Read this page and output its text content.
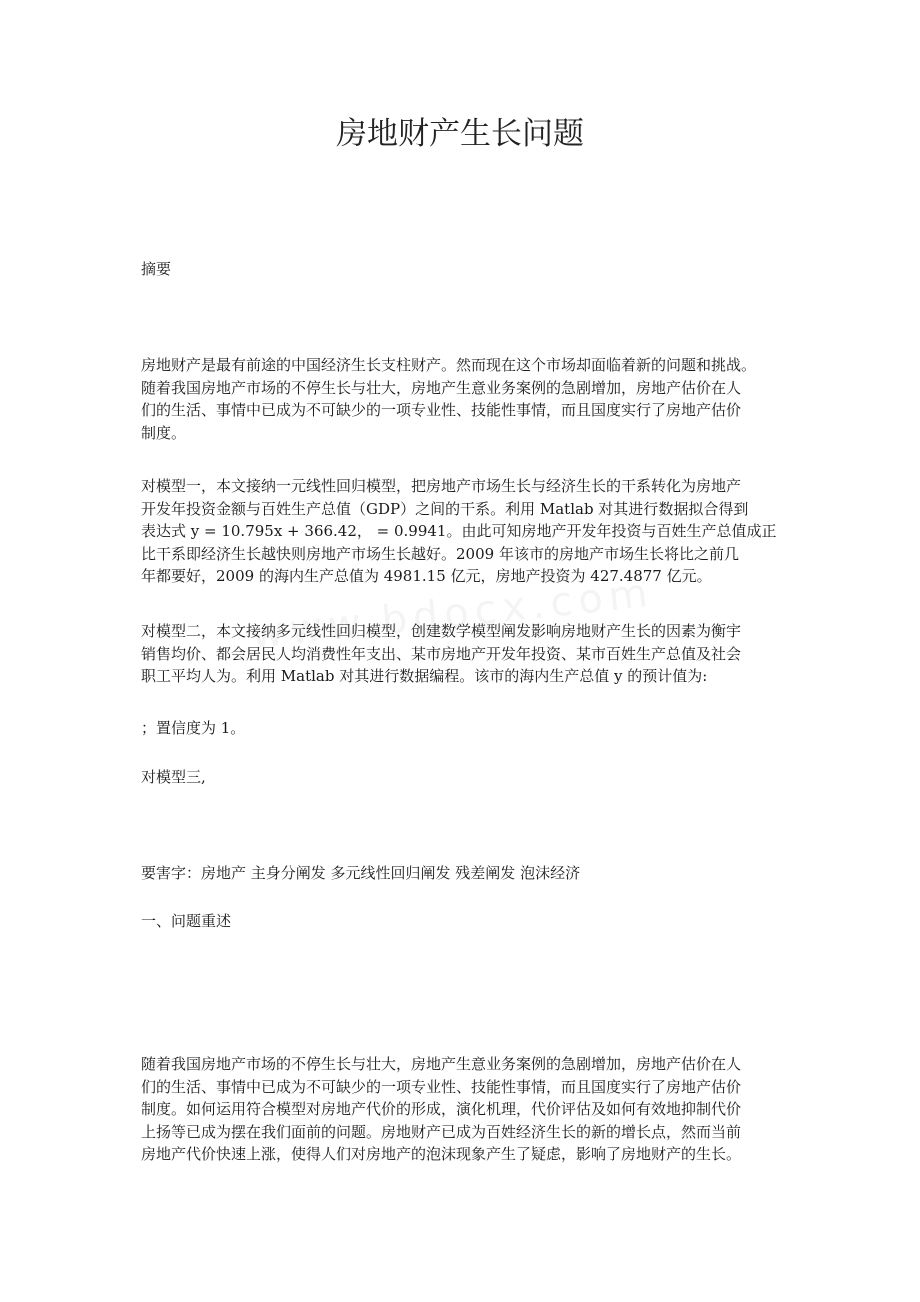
房地财产生长问题
摘要
房地财产是最有前途的中国经济生长支柱财产。然而现在这个市场却面临着新的问题和挑战。
随着我国房地产市场的不停生长与壮大，房地产生意业务案例的急剧增加，房地产估价在人
们的生活、事情中已成为不可缺少的一项专业性、技能性事情，而且国度实行了房地产估价
制度。
对模型一，本文接纳一元线性回归模型，把房地产市场生长与经济生长的干系转化为房地产
开发年投资金额与百姓生产总值（GDP）之间的干系。利用 Matlab 对其进行数据拟合得到
表达式 y = 10.795x + 366.42， = 0.9941。由此可知房地产开发年投资与百姓生产总值成正
比干系即经济生长越快则房地产市场生长越好。2009 年该市的房地产市场生长将比之前几
年都要好，2009 的海内生产总值为 4981.15 亿元，房地产投资为 427.4877 亿元。
对模型二，本文接纳多元线性回归模型，创建数学模型阐发影响房地财产生长的因素为衡宇
销售均价、都会居民人均消费性年支出、某市房地产开发年投资、某市百姓生产总值及社会
职工平均人为。利用 Matlab 对其进行数据编程。该市的海内生产总值 y 的预计值为:
；置信度为 1。
对模型三,
要害字：房地产 主身分阐发 多元线性回归阐发 残差阐发 泡沫经济
一、问题重述
随着我国房地产市场的不停生长与壮大，房地产生意业务案例的急剧增加，房地产估价在人
们的生活、事情中已成为不可缺少的一项专业性、技能性事情，而且国度实行了房地产估价
制度。如何运用符合模型对房地产代价的形成，演化机理，代价评估及如何有效地抑制代价
上扬等已成为摆在我们面前的问题。房地财产已成为百姓经济生长的新的增长点，然而当前
房地产代价快速上涨，使得人们对房地产的泡沫现象产生了疑虑，影响了房地财产的生长。
